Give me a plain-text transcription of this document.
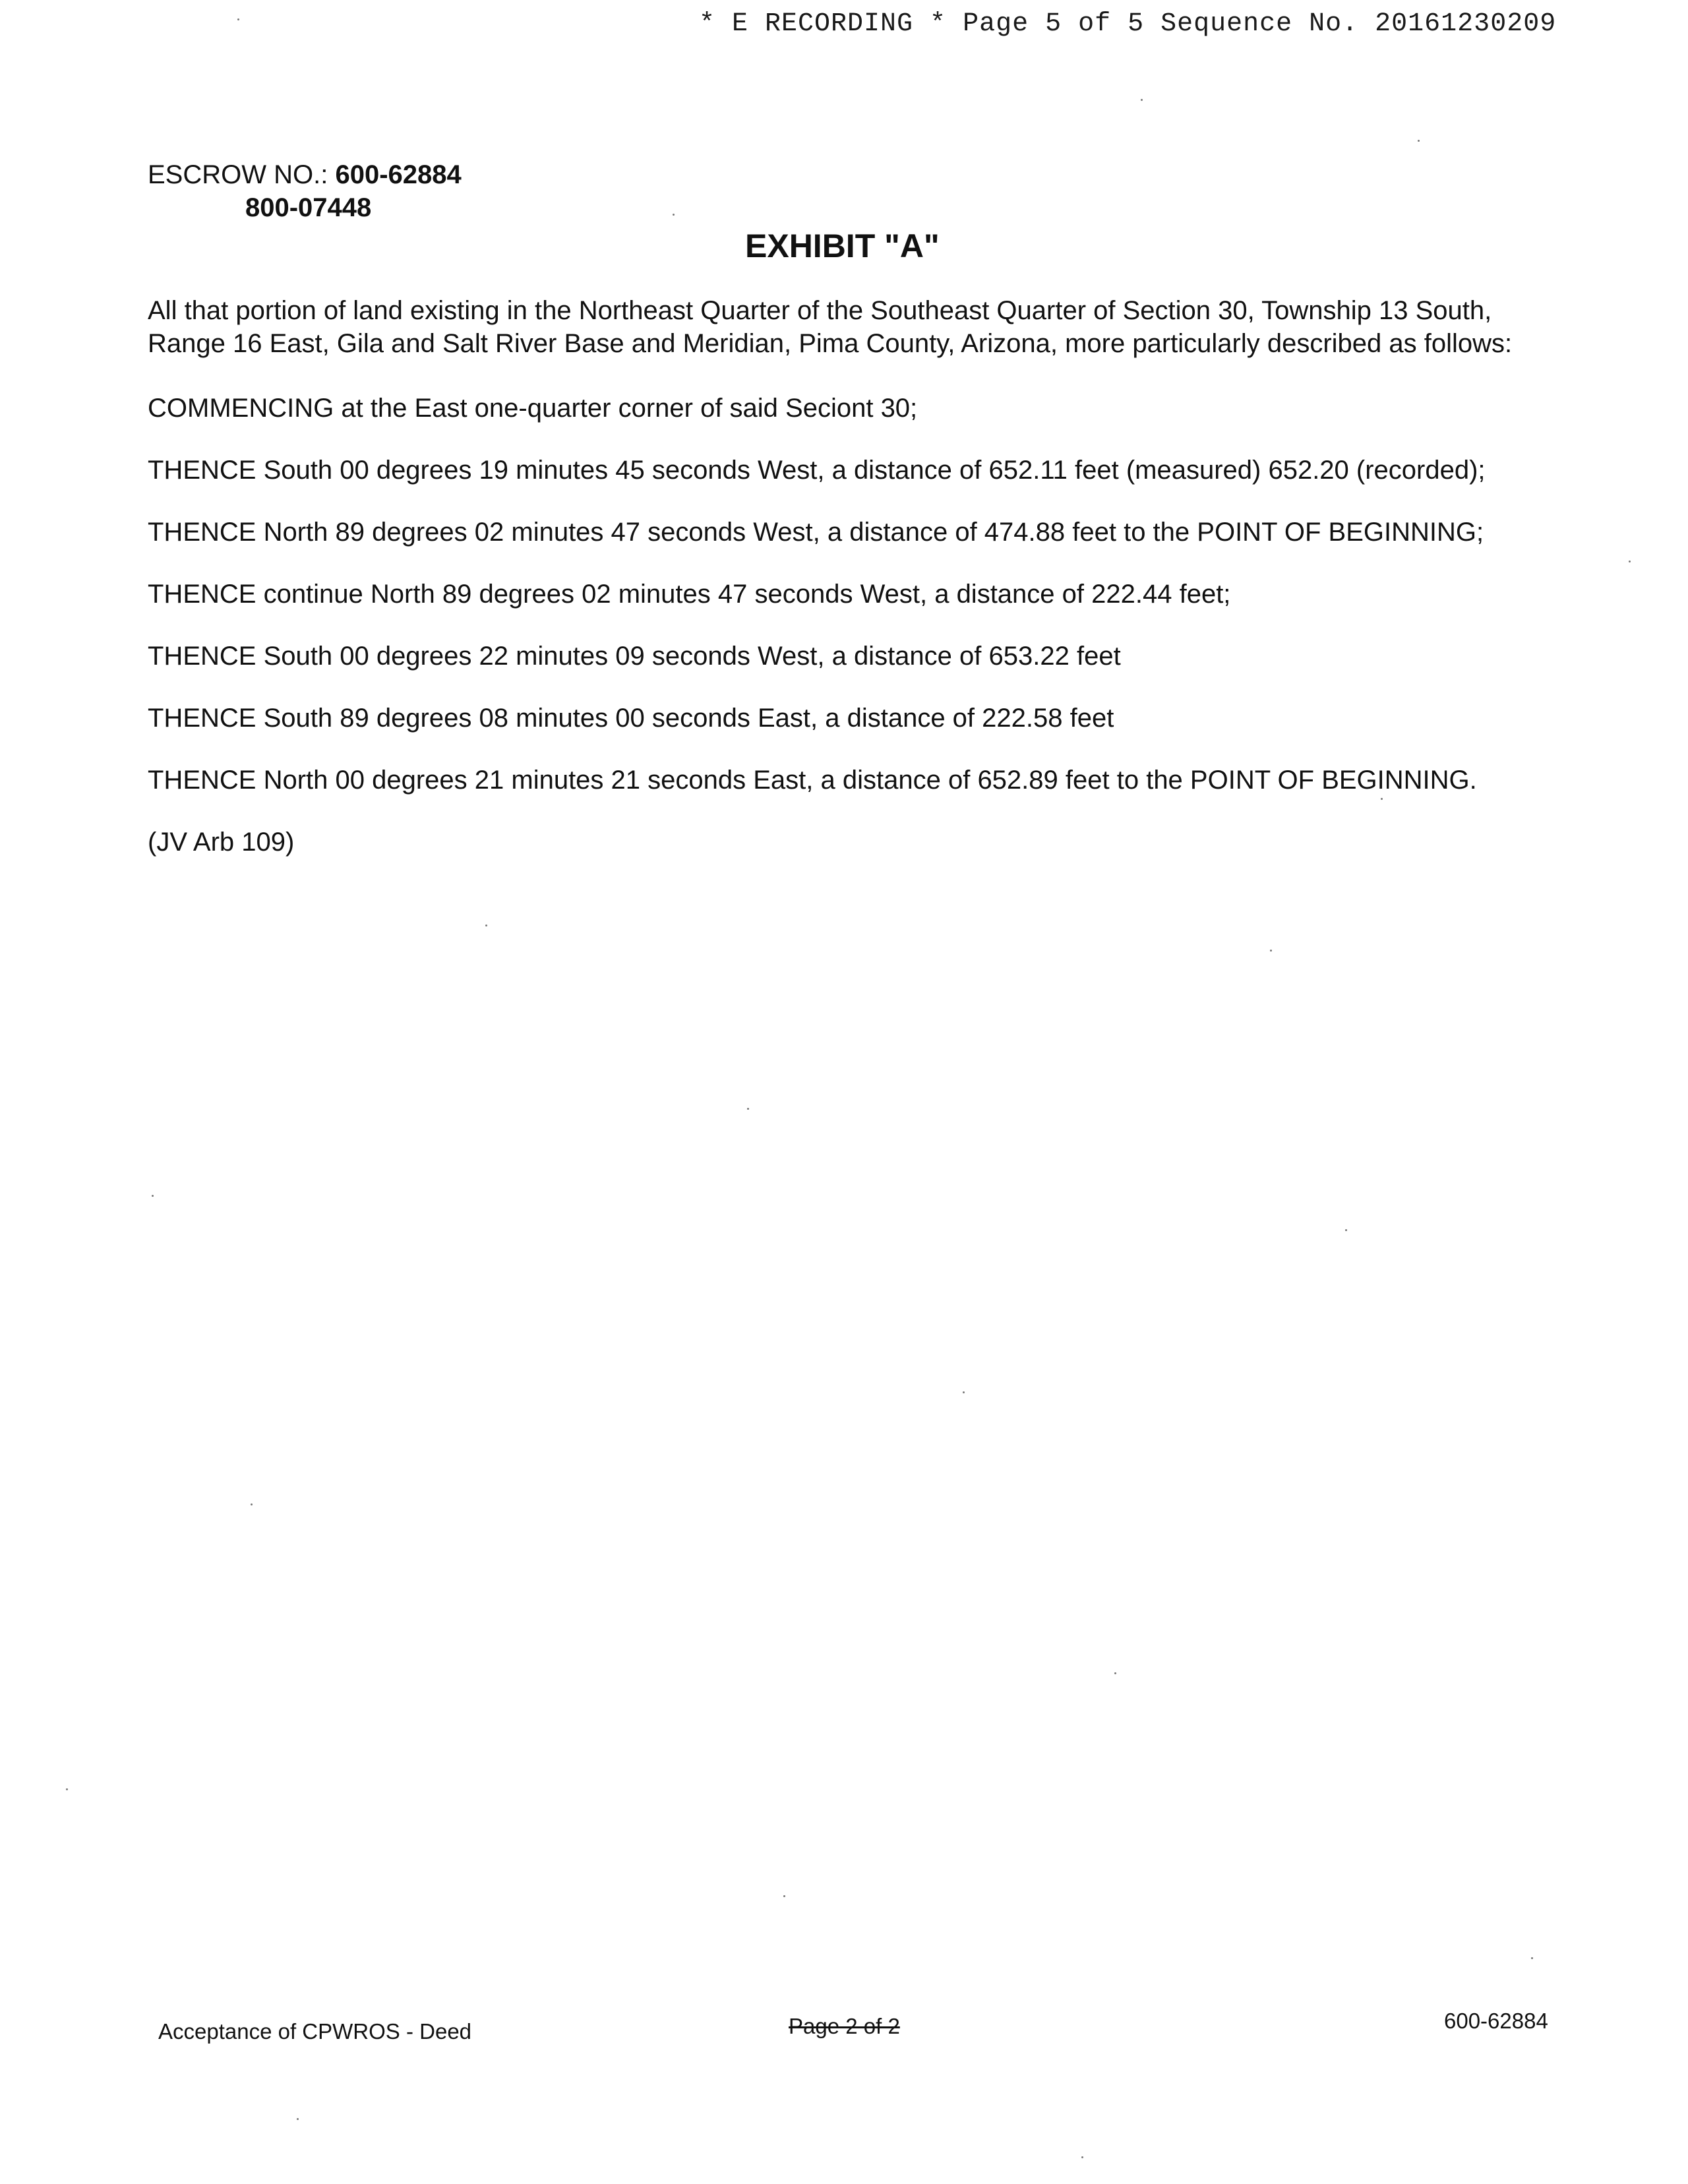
* E RECORDING * Page 5 of 5 Sequence No. 20161230209
ESCROW NO.: 600-62884
800-07448
EXHIBIT "A"

All that portion of land existing in the Northeast Quarter of the Southeast Quarter of Section 30, Township 13 South, Range 16 East, Gila and Salt River Base and Meridian, Pima County, Arizona, more particularly described as follows:

COMMENCING at the East one-quarter corner of said Seciont 30;

THENCE South 00 degrees 19 minutes 45 seconds West, a distance of 652.11 feet (measured) 652.20 (recorded);

THENCE North 89 degrees 02 minutes 47 seconds West, a distance of 474.88 feet to the POINT OF BEGINNING;

THENCE continue North 89 degrees 02 minutes 47 seconds West, a distance of 222.44 feet;

THENCE South 00 degrees 22 minutes 09 seconds West, a distance of 653.22 feet

THENCE South 89 degrees 08 minutes 00 seconds East, a distance of 222.58 feet

THENCE North 00 degrees 21 minutes 21 seconds East, a distance of 652.89 feet to the POINT OF BEGINNING.

(JV Arb 109)

Acceptance of CPWROS - Deed	Page 2 of 2	600-62884
